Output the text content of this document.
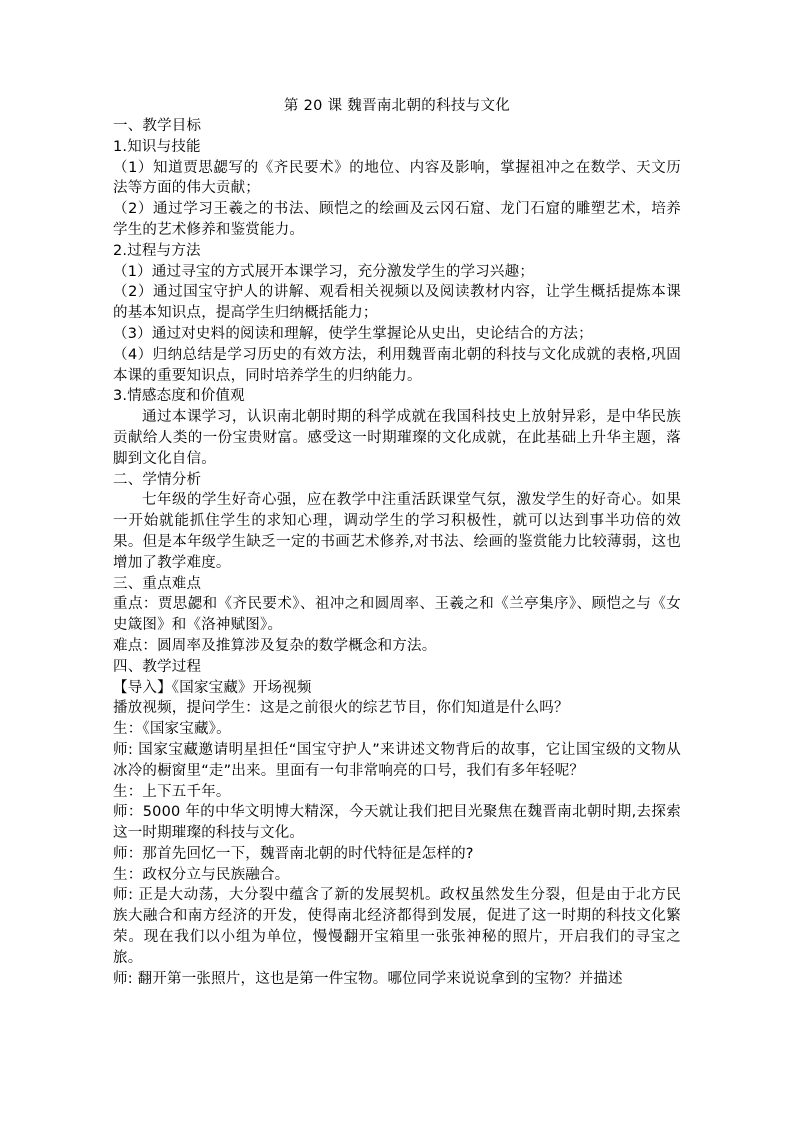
第 20 课 魏晋南北朝的科技与文化

一、教学目标

1.知识与技能

（1）知道贾思勰写的《齐民要术》的地位、内容及影响，掌握祖冲之在数学、天文历法等方面的伟大贡献；

（2）通过学习王羲之的书法、顾恺之的绘画及云冈石窟、龙门石窟的雕塑艺术，培养学生的艺术修养和鉴赏能力。

2.过程与方法

（1）通过寻宝的方式展开本课学习，充分激发学生的学习兴趣；

（2）通过国宝守护人的讲解、观看相关视频以及阅读教材内容，让学生概括提炼本课的基本知识点，提高学生归纳概括能力；

（3）通过对史料的阅读和理解，使学生掌握论从史出，史论结合的方法；

（4）归纳总结是学习历史的有效方法，利用魏晋南北朝的科技与文化成就的表格,巩固本课的重要知识点，同时培养学生的归纳能力。

3.情感态度和价值观

通过本课学习，认识南北朝时期的科学成就在我国科技史上放射异彩，是中华民族贡献给人类的一份宝贵财富。感受这一时期璀璨的文化成就，在此基础上升华主题，落脚到文化自信。

二、学情分析

七年级的学生好奇心强，应在教学中注重活跃课堂气氛，激发学生的好奇心。如果一开始就能抓住学生的求知心理，调动学生的学习积极性，就可以达到事半功倍的效果。但是本年级学生缺乏一定的书画艺术修养,对书法、绘画的鉴赏能力比较薄弱，这也增加了教学难度。

三、重点难点

重点：贾思勰和《齐民要术》、祖冲之和圆周率、王羲之和《兰亭集序》、顾恺之与《女史箴图》和《洛神赋图》。

难点：圆周率及推算涉及复杂的数学概念和方法。

四、教学过程

【导入】《国家宝藏》开场视频

播放视频，提问学生：这是之前很火的综艺节目，你们知道是什么吗？

生：《国家宝藏》。

师: 国家宝藏邀请明星担任“国宝守护人”来讲述文物背后的故事，它让国宝级的文物从冰冷的橱窗里“走”出来。里面有一句非常响亮的口号，我们有多年轻呢？

生：上下五千年。

师：5000 年的中华文明博大精深，今天就让我们把目光聚焦在魏晋南北朝时期,去探索这一时期璀璨的科技与文化。

师：那首先回忆一下，魏晋南北朝的时代特征是怎样的?

生：政权分立与民族融合。

师: 正是大动荡，大分裂中蕴含了新的发展契机。政权虽然发生分裂，但是由于北方民族大融合和南方经济的开发，使得南北经济都得到发展，促进了这一时期的科技文化繁荣。现在我们以小组为单位，慢慢翻开宝箱里一张张神秘的照片，开启我们的寻宝之旅。

师: 翻开第一张照片，这也是第一件宝物。哪位同学来说说拿到的宝物？并描述
